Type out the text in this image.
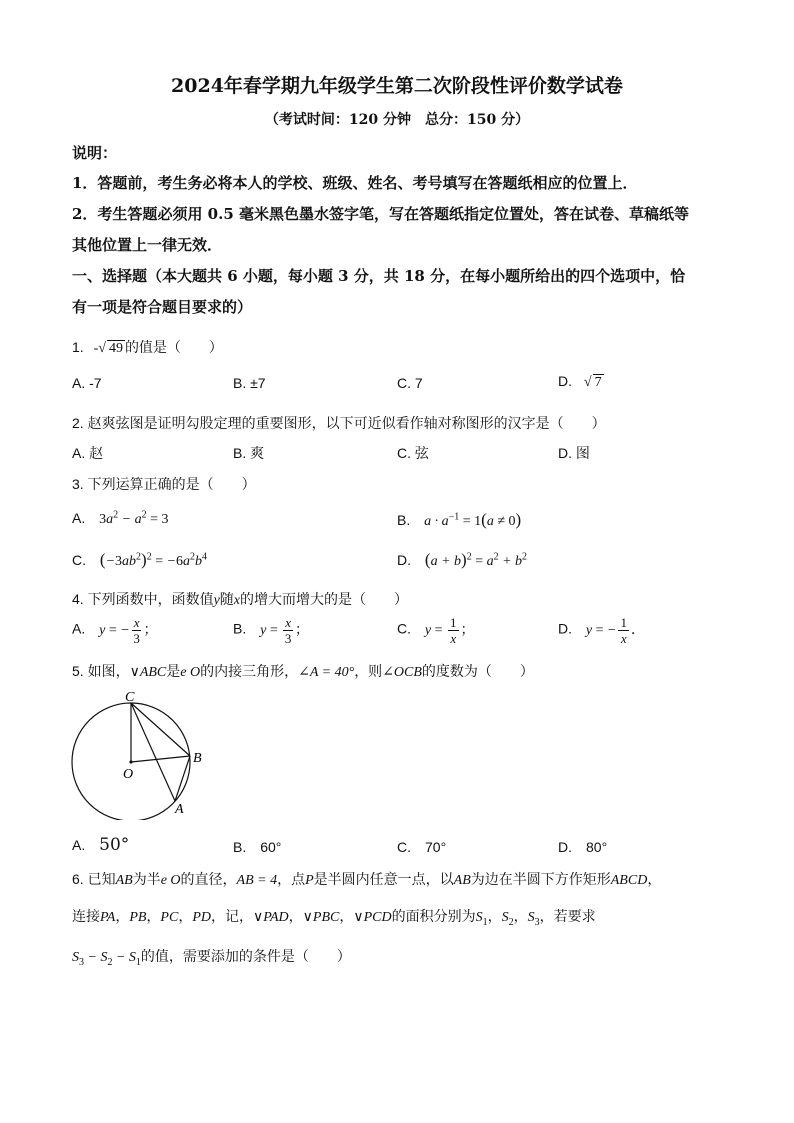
2024年春学期九年级学生第二次阶段性评价数学试卷
（考试时间：120 分钟　总分：150 分）
说明：
1．答题前，考生务必将本人的学校、班级、姓名、考号填写在答题纸相应的位置上．
2．考生答题必须用 0.5 毫米黑色墨水签字笔，写在答题纸指定位置处，答在试卷、草稿纸等
其他位置上一律无效．
一、选择题（本大题共 6 小题，每小题 3 分，共 18 分，在每小题所给出的四个选项中，恰
有一项是符合题目要求的）
1. -√ 49 的值是（　　）
A. -7	B. ±7	C. 7	D. √ 7
2. 赵爽弦图是证明勾股定理的重要图形，以下可近似看作轴对称图形的汉字是（　　）
A. 赵	B. 爽	C. 弦	D. 图
3. 下列运算正确的是（　　）
A. $3a^2 - a^2 = 3$	B. $a \cdot a^{-1} = 1(a \ne 0)$
C. $(-3ab^2)^2 = -6a^2b^4$	D. $(a + b)^2 = a^2 + b^2$
4. 下列函数中，函数值y随x的增大而增大的是（　　）
A. y = − $\frac{x}{3}$ ；	B. $y = \frac{x}{3}$ ；	C. $y = \frac{1}{x}$ ；	D. y = − $\frac{1}{x}$ ．
5. 如图，∨ABC是e O的内接三角形，∠A = 40°，则∠OCB的度数为（　　）
C
B
O
A
A. 50°	B.　60°	C.　70°	D.　80°
6. 已知AB为半e O的直径，AB = 4，点P是半圆内任意一点，以AB为边在半圆下方作矩形ABCD，
连接PA，PB，PC，PD，记，∨PAD，∨PBC，∨PCD的面积分别为$S_1$，$S_2$，$S_3$，若要求
$S_3 - S_2 - S_1$的值，需要添加的条件是（　　）
